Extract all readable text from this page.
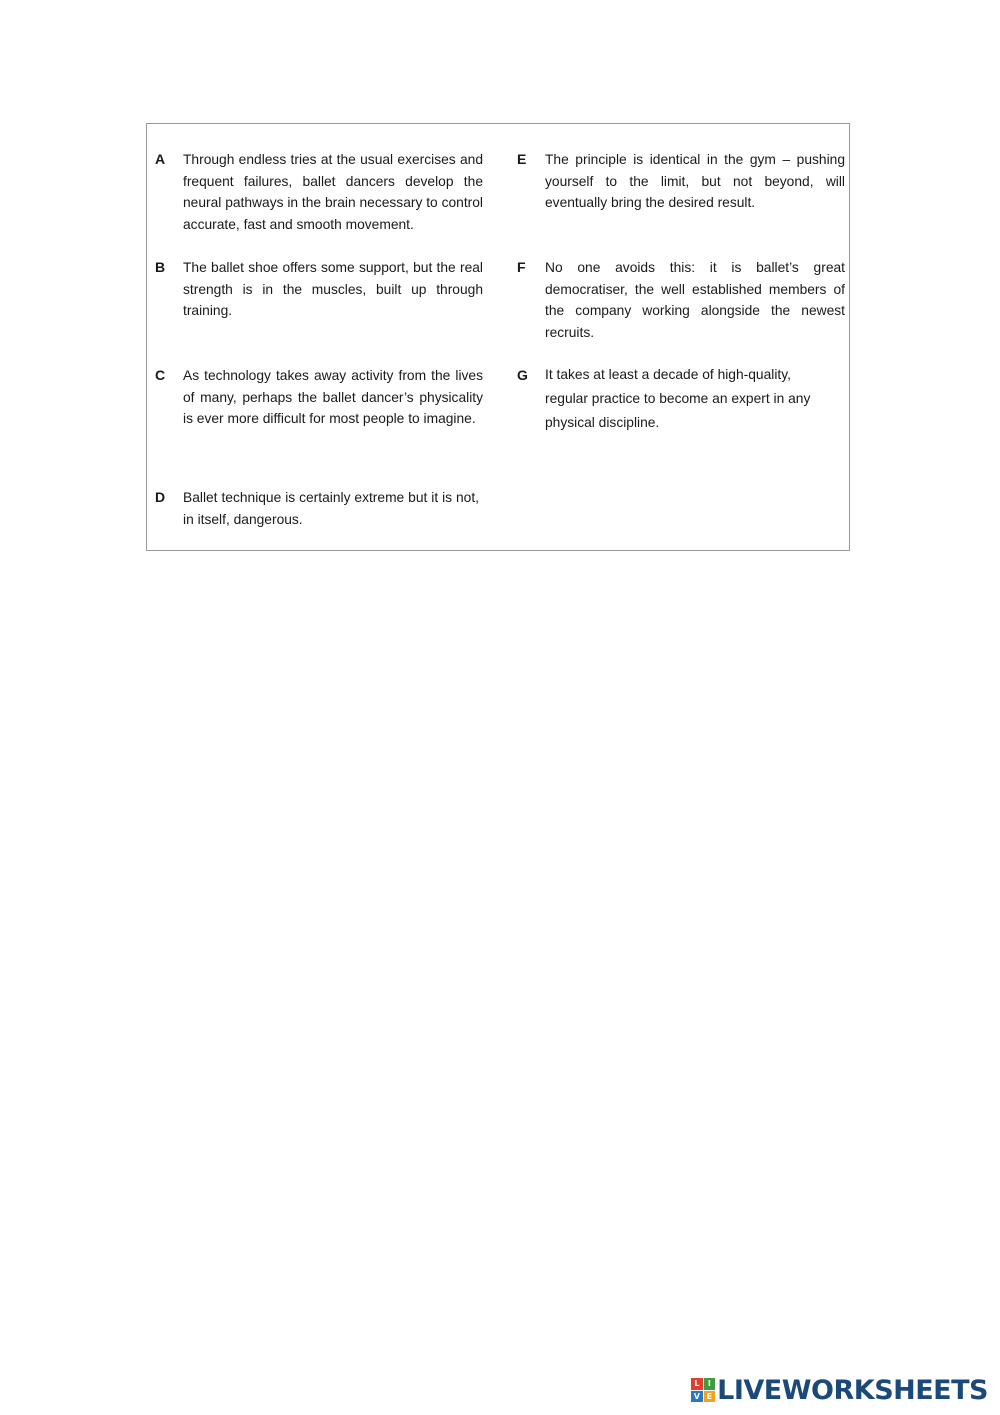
A Through endless tries at the usual exercises and frequent failures, ballet dancers develop the neural pathways in the brain necessary to control accurate, fast and smooth movement.

B The ballet shoe offers some support, but the real strength is in the muscles, built up through training.

C As technology takes away activity from the lives of many, perhaps the ballet dancer’s physicality is ever more difficult for most people to imagine.

D Ballet technique is certainly extreme but it is not, in itself, dangerous.

E The principle is identical in the gym – pushing yourself to the limit, but not beyond, will eventually bring the desired result.

F No one avoids this: it is ballet’s great democratiser, the well established members of the company working alongside the newest recruits.

G It takes at least a decade of high-quality, regular practice to become an expert in any physical discipline.

L	I
V E LIVEWORKSHEETS
